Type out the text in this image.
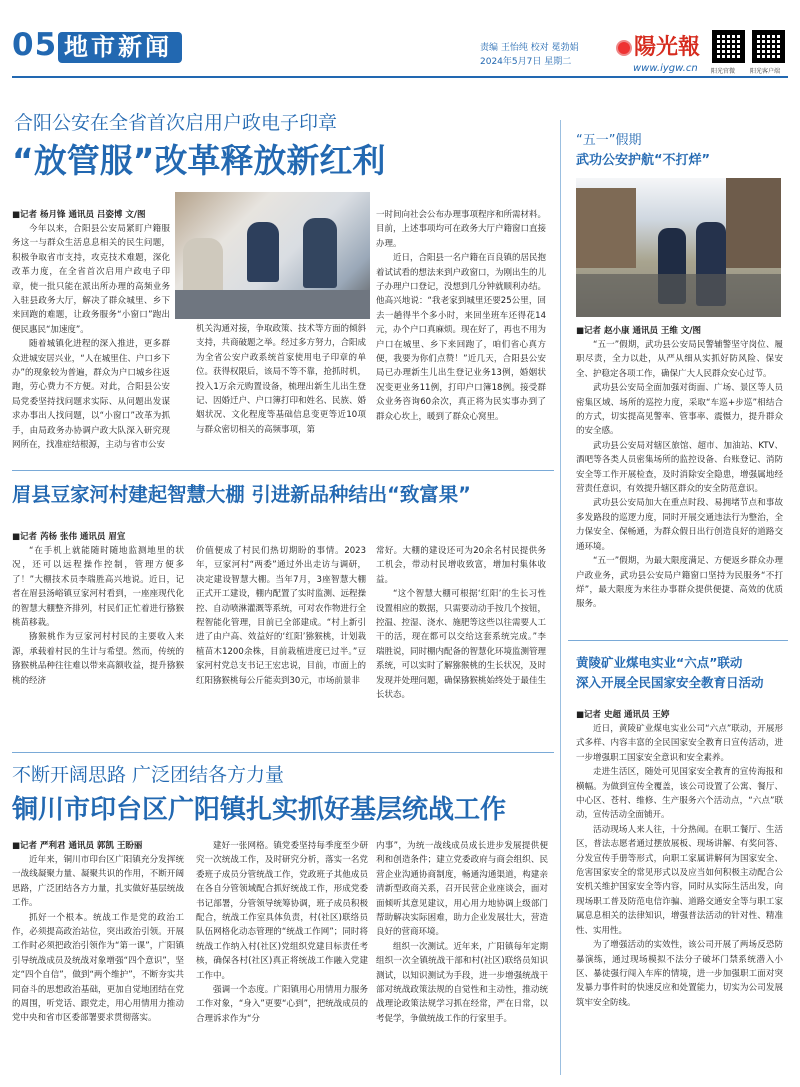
05 地市新闻	责编 王怡纯 校对 冕勃娟
2024年5月7日 星期二
陽光報
www.iygw.cn 阳光官微 阳光客户端
合阳公安在全省首次启用户政电子印章
“放管服”改革释放新红利

■记者 杨月锋 通讯员 吕姿博 文/图

今年以来，合阳县公安局紧盯户籍服务这一与群众生活息息相关的民生问题，积极争取省市支持，攻克技术难题，深化改革力度，在全省首次启用户政电子印章，使一批只能在派出所办理的高频业务入驻县政务大厅，解决了群众城里、乡下来回跑的难题，让政务服务“小窗口”跑出便民惠民“加速度”。

随着城镇化进程的深入推进，更多群众进城安居兴业，“人在城里住、户口乡下办”的现象较为普遍，群众为户口城乡往返跑，劳心费力不方便。对此，合阳县公安局党委坚持找问题求实际、从问题出发谋求办事出人找问题，以“小窗口”改革为抓手，由局政务办协调户政大队深入研究现网所在，找准症结根源，主动与省市公安

机关沟通对接，争取政策、技术等方面的倾斜支持，共商破题之举。经过多方努力，合阳成为全省公安户政系统首家使用电子印章的单位。获得权限后，该局不等不靠，抢抓时机，投入1万余元购置设备，梳理出新生儿出生登记、因婚迁户、户口簿打印和姓名、民族、婚姻状况、文化程度等基础信息变更等近10项与群众密切相关的高频事项，第

一时间向社会公布办理事项程序和所需材料。目前，上述事项均可在政务大厅户籍窗口直接办理。

近日，合阳县一名户籍在百良镇的居民抱着试试看的想法来到户政窗口，为刚出生的儿子办理户口登记，没想到几分钟就顺利办结。他高兴地说：“我老家到城里还要25公里，回去一趟得半个多小时，来回坐班车还得花14元，办个户口真麻烦。现在好了，再也不用为户口在城里、乡下来回跑了，咱们省心真方便，我要为你们点赞！”近几天，合阳县公安局已办理新生儿出生登记业务13例，婚姻状况变更业务11例，打印户口簿18例。接受群众业务咨询60余次，真正将为民实事办到了群众心坎上，暖到了群众心窝里。

眉县豆家河村建起智慧大棚 引进新品种结出“致富果”

■记者 芮杨 张伟 通讯员 眉宣

“在手机上就能随时随地监测地里的状况，还可以远程操作控制，管理方便多了！”大棚技术员李瑞胜高兴地说。近日，记者在眉县汤峪镇豆家河村看到，一座座现代化的智慧大棚整齐排列，村民们正忙着进行猕猴桃苗移栽。

猕猴桃作为豆家河村村民的主要收入来源，承载着村民的生计与希望。然而，传统的猕猴桃品种往往难以带来高额收益，提升猕猴桃的经济

价值便成了村民们热切期盼的事情。2023年，豆家河村“两委”通过外出走访与调研，决定建设智慧大棚。当年7月，3座智慧大棚正式开工建设，棚内配置了实时监测、远程操控、自动喷淋灌溉等系统，可对农作物进行全程智能化管理，目前已全部建成。“村上新引进了由户高、效益好的‘红阳’猕猴桃，计划栽植苗木1200余株，目前栽植进度已过半。”豆家河村党总支书记王宏忠说，目前，市面上的红阳猕猴桃每公斤能卖到30元，市场前景非

常好。大棚的建设还可为20余名村民提供务工机会，带动村民增收致富，增加村集体收益。

“这个智慧大棚可根据‘红阳’的生长习性设置相应的数据，只需要动动手按几个按钮，控温、控湿、浇水、施肥等这些以往需要人工干的活，现在都可以交给这套系统完成。”李瑞胜说，同时棚内配备的智慧化环境监测管理系统，可以实时了解猕猴桃的生长状况，及时发现并处理问题，确保猕猴桃始终处于最佳生长状态。

不断开阔思路 广泛团结各方力量
铜川市印台区广阳镇扎实抓好基层统战工作

■记者 严利君 通讯员 郭凯 王盼丽

近年来，铜川市印台区广阳镇充分发挥统一战线凝聚力量、凝聚共识的作用，不断开阔思路，广泛团结各方力量，扎实做好基层统战工作。

抓好一个根本。统战工作是党的政治工作，必须提高政治站位，突出政治引领。开展工作时必须把政治引领作为“第一课”，广阳镇引导统战成员及统战对象增强“四个意识”，坚定“四个自信”，做到“两个维护”，不断夯实共同奋斗的思想政治基础，更加自觉地团结在党的周围，听党话、跟党走，用心用情用力推动党中央和省市区委部署要求贯彻落实。

建好一张网格。镇党委坚持每季度至少研究一次统战工作，及时研究分析，落实一名党委班子成员分管统战工作，党政班子其他成员在各自分管领域配合抓好统战工作，形成党委书记部署，分管领导统筹协调，班子成员积极配合，统战工作室具体负责，村(社区)联络员队伍网格化动态管理的“统战工作网”；同时将统战工作纳入村(社区)党组织党建目标责任考核，确保各村(社区)真正将统战工作融入党建工作中。

强调一个态度。广阳镇用心用情用力服务工作对象，“身入”更要“心到”，把统战成员的合理诉求作为“分

内事”，为统一战线成员成长进步发展提供便利和创造条件；建立党委政府与商会组织、民营企业沟通协商制度，畅通沟通渠道，构建亲清新型政商关系，召开民营企业座谈会，面对面倾听其意见建议，用心用力地协调上级部门帮助解决实际困难，助力企业发展壮大，营造良好的营商环境。

组织一次测试。近年来，广阳镇每年定期组织一次全镇统战干部和村(社区)联络员知识测试，以知识测试为手段，进一步增强统战干部对统战政策法规的自觉性和主动性，推动统战理论政策法规学习抓在经常，严在日常，以考促学，争做统战工作的行家里手。

“五一”假期
武功公安护航“不打烊”

■记者 赵小康 通讯员 王维 文/图

“五一”假期，武功县公安局民警辅警坚守岗位、履职尽责，全力以赴，从严从细从实抓好防风险、保安全、护稳定各项工作，确保广大人民群众安心过节。

武功县公安局全面加强对街面、广场、景区等人员密集区域、场所的巡控力度，采取“车巡+步巡”相结合的方式，切实提高见警率、管事率、震慑力，提升群众的安全感。

武功县公安局对辖区旅馆、超市、加油站、KTV、酒吧等各类人员密集场所的监控设备、台账登记、消防安全等工作开展检查，及时消除安全隐患，增强属地经营责任意识，有效提升辖区群众的安全防范意识。

武功县公安局加大在重点时段、易拥堵节点和事故多发路段的巡逻力度，同时开展交通违法行为整治，全力保安全、保畅通，为群众假日出行创造良好的道路交通环境。

“五一”假期，为最大限度满足、方便返乡群众办理户政业务，武功县公安局户籍窗口坚持为民服务“不打烊”，最大限度为来往办事群众提供便捷、高效的优质服务。

黄陵矿业煤电实业“六点”联动
深入开展全民国家安全教育日活动

■记者 史超 通讯员 王婷

近日，黄陵矿业煤电实业公司“六点”联动，开展形式多样、内容丰富的全民国家安全教育日宣传活动，进一步增强职工国家安全意识和安全素养。

走进生活区，随处可见国家安全教育的宣传海报和横幅。为做到宣传全覆盖，该公司设置了公寓、餐厅、中心区、苍村、维修、生产服务六个活动点，“六点”联动，宣传活动全面铺开。

活动现场人来人往，十分热闹。在职工餐厅、生活区，普法志愿者通过摆放展板、现场讲解、有奖问答、分发宣传手册等形式，向职工家属讲解何为国家安全、危害国家安全的常见形式以及应当如何积极主动配合公安机关维护国家安全等内容，同时从实际生活出发，向现场职工普及防范电信诈骗、道路交通安全等与职工家属息息相关的法律知识，增强普法活动的针对性、精准性、实用性。

为了增强活动的实效性，该公司开展了两场反恐防暴演练，通过现场模拟不法分子破坏门禁系统潜入小区、暴徒强行闯入车库的情境，进一步加强职工面对突发暴力事件时的快速反应和处置能力，切实为公司发展筑牢安全防线。
